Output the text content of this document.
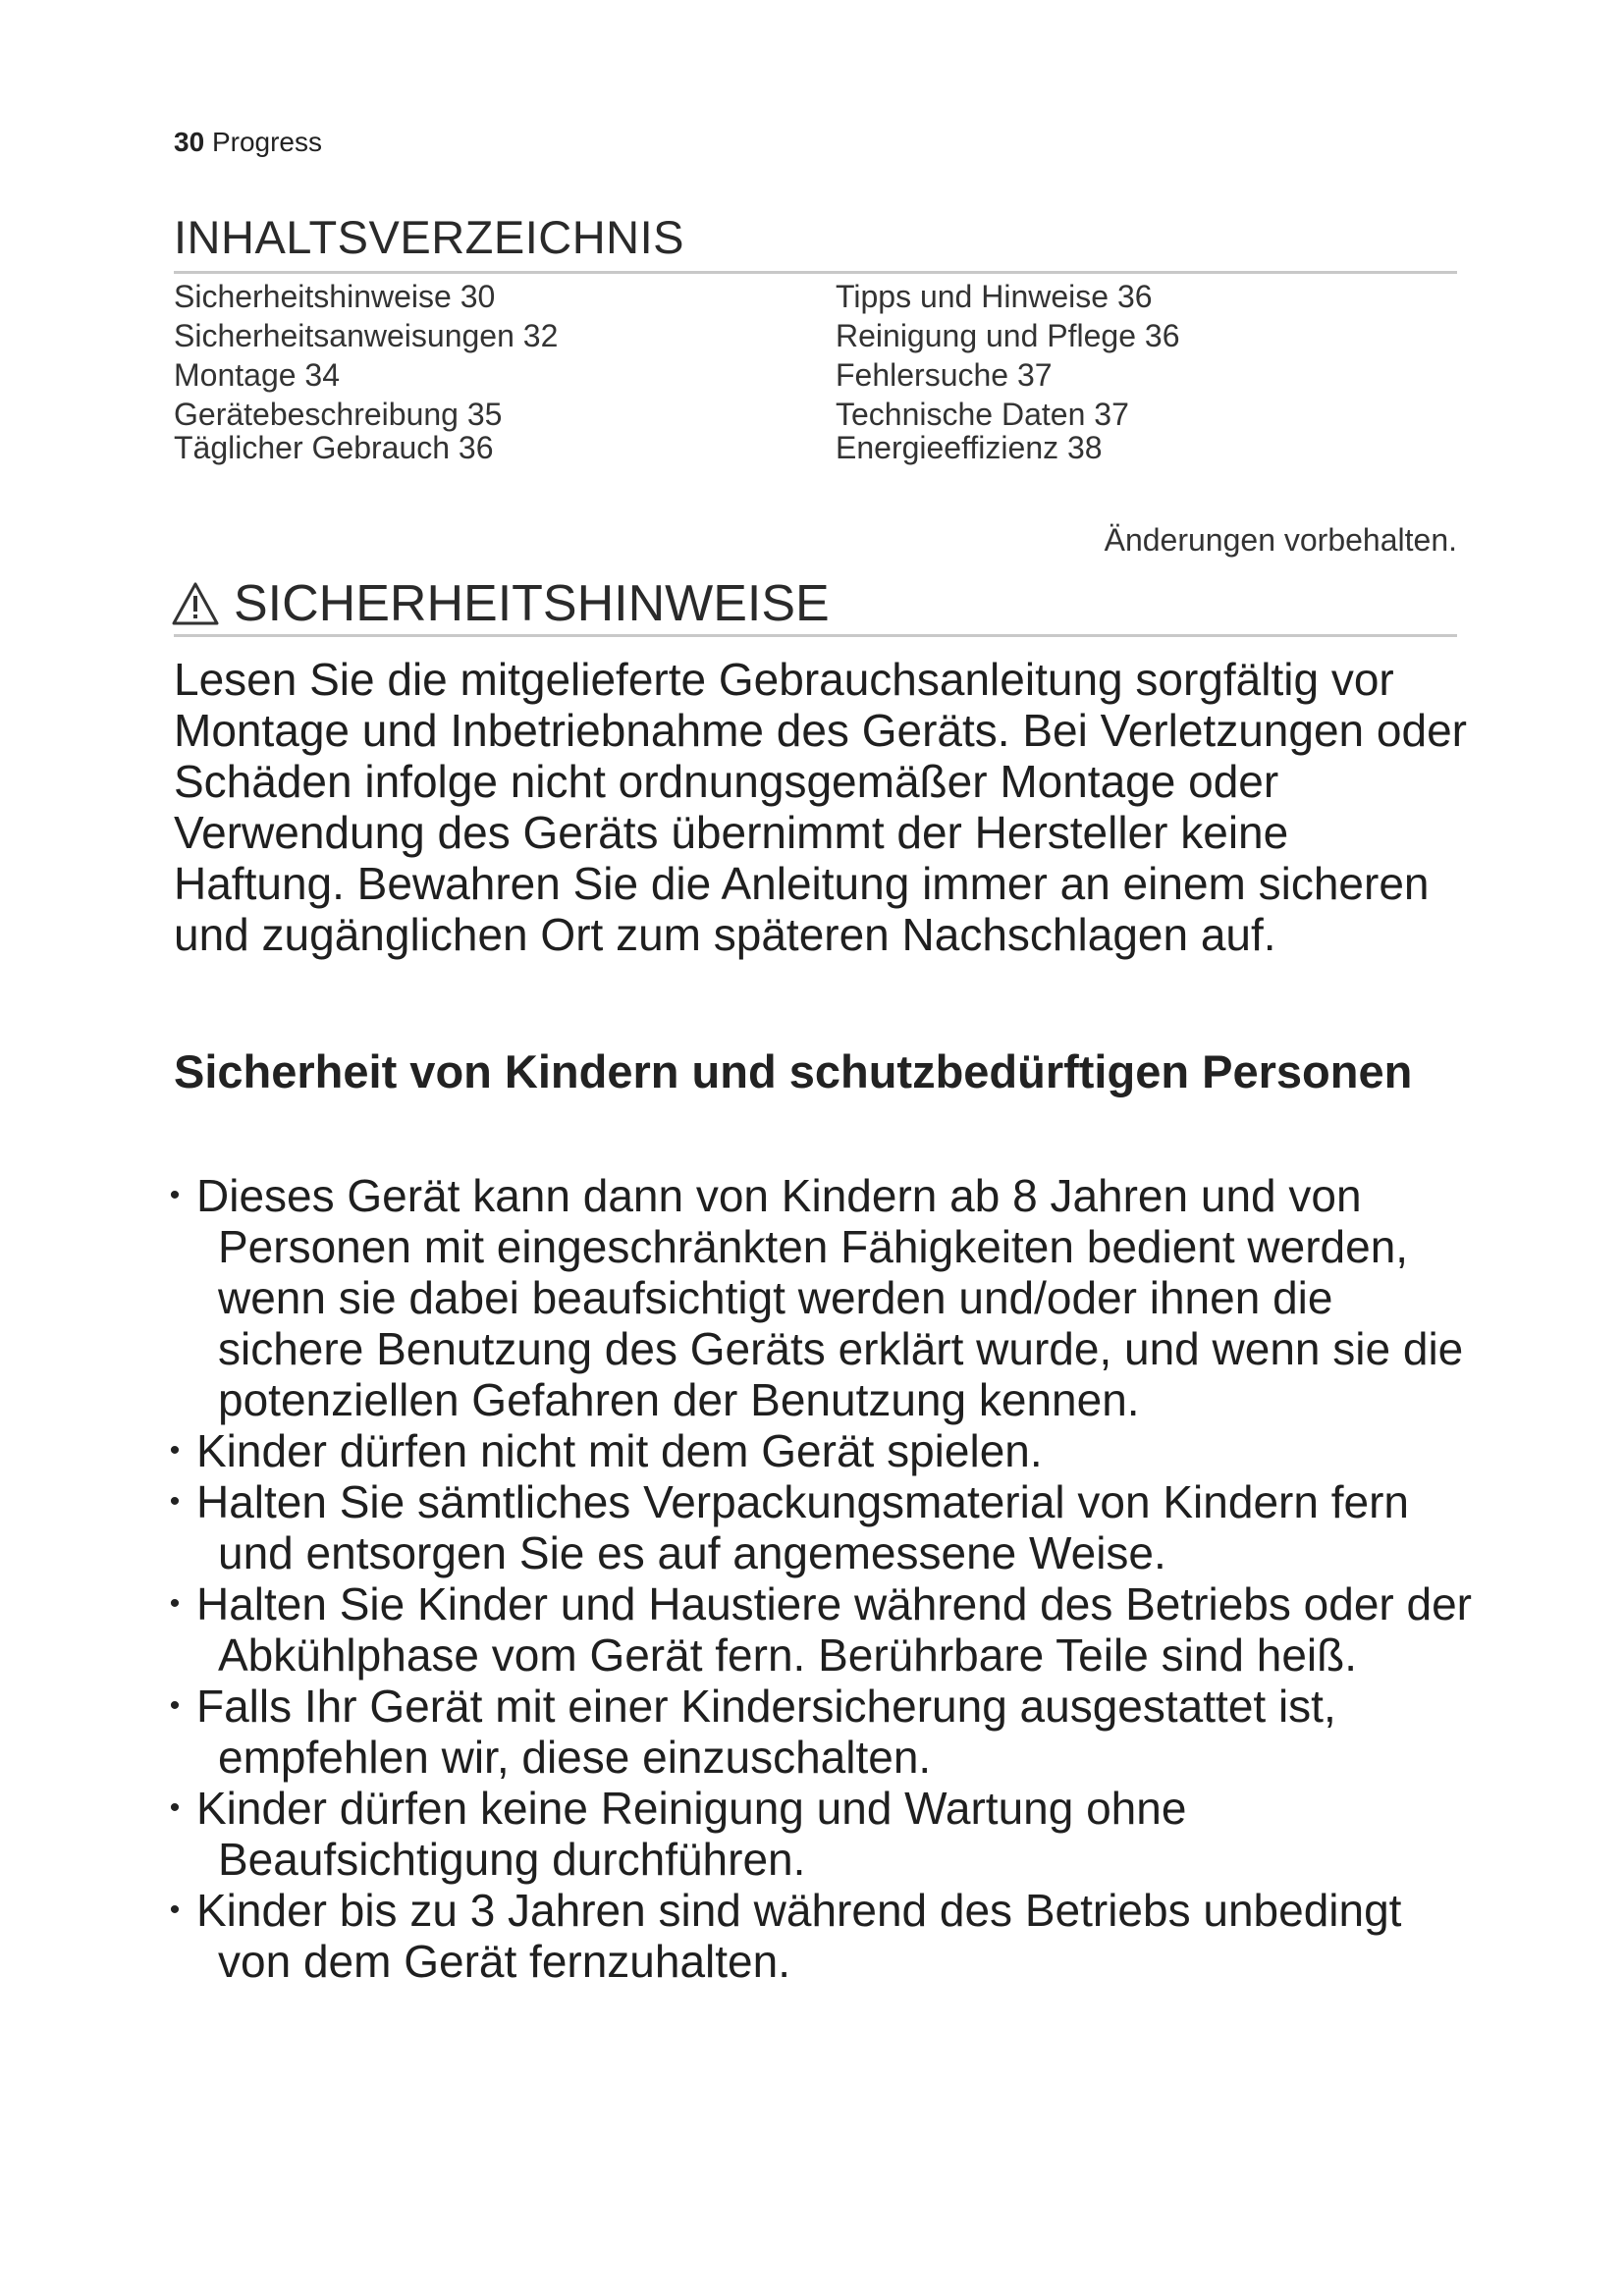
30 Progress
INHALTSVERZEICHNIS
Sicherheitshinweise 30
Sicherheitsanweisungen 32
Montage 34
Gerätebeschreibung 35
Täglicher Gebrauch 36
Tipps und Hinweise 36
Reinigung und Pflege 36
Fehlersuche 37
Technische Daten 37
Energieeffizienz 38
Änderungen vorbehalten.
SICHERHEITSHINWEISE

Lesen Sie die mitgelieferte Gebrauchsanleitung sorgfältig vor Montage und Inbetriebnahme des Geräts. Bei Verletzungen oder Schäden infolge nicht ordnungsgemäßer Montage oder Verwendung des Geräts übernimmt der Hersteller keine Haftung. Bewahren Sie die Anleitung immer an einem sicheren und zugänglichen Ort zum späteren Nachschlagen auf.

Sicherheit von Kindern und schutzbedürftigen Personen
• Dieses Gerät kann dann von Kindern ab 8 Jahren und von Personen mit eingeschränkten Fähigkeiten bedient werden, wenn sie dabei beaufsichtigt werden und/oder ihnen die sichere Benutzung des Geräts erklärt wurde, und wenn sie die potenziellen Gefahren der Benutzung kennen.
• Kinder dürfen nicht mit dem Gerät spielen.
• Halten Sie sämtliches Verpackungsmaterial von Kindern fern und entsorgen Sie es auf angemessene Weise.
• Halten Sie Kinder und Haustiere während des Betriebs oder der Abkühlphase vom Gerät fern. Berührbare Teile sind heiß.
• Falls Ihr Gerät mit einer Kindersicherung ausgestattet ist, empfehlen wir, diese einzuschalten.
• Kinder dürfen keine Reinigung und Wartung ohne Beaufsichtigung durchführen.
• Kinder bis zu 3 Jahren sind während des Betriebs unbedingt von dem Gerät fernzuhalten.
